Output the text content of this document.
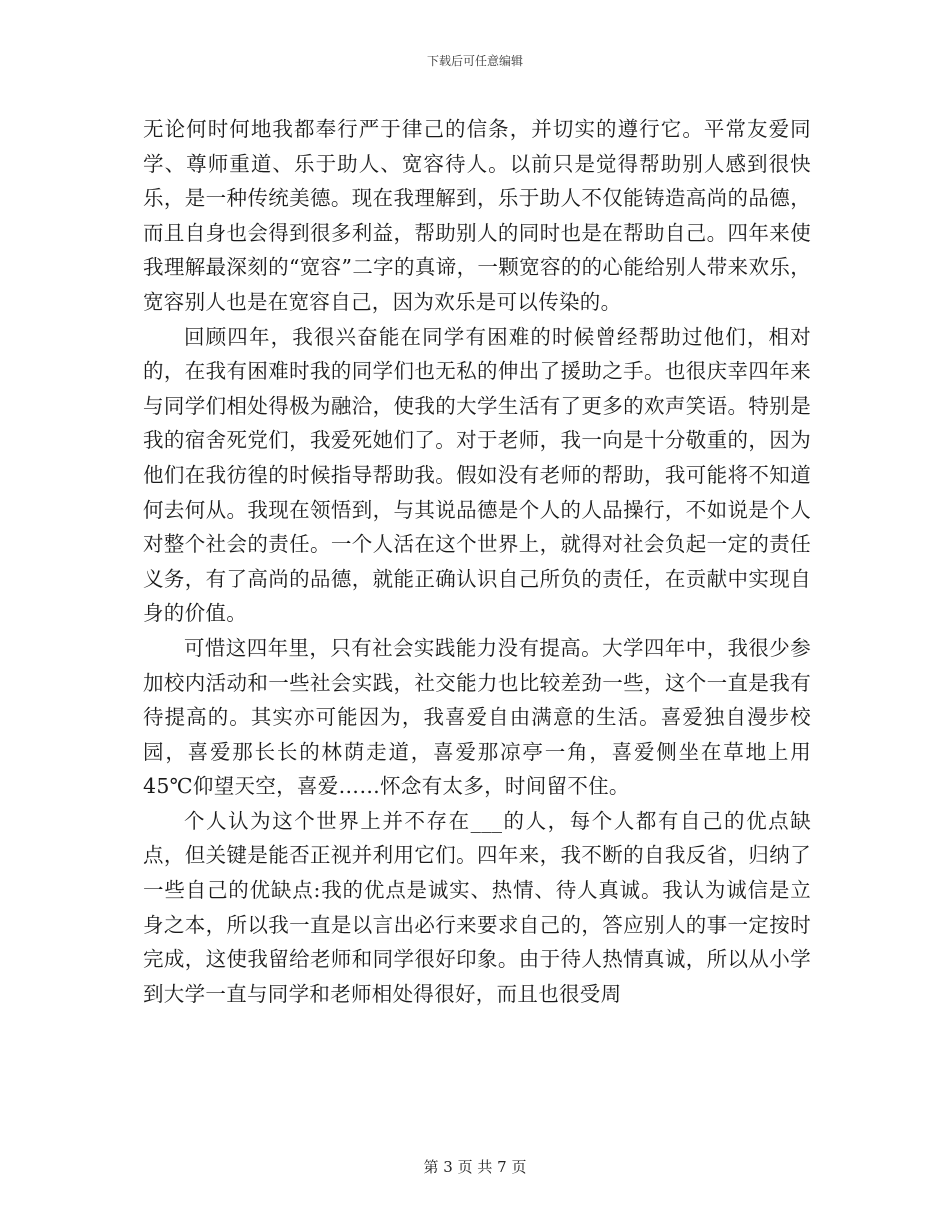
下载后可任意编辑

无论何时何地我都奉行严于律己的信条，并切实的遵行它。平常友爱同学、尊师重道、乐于助人、宽容待人。以前只是觉得帮助别人感到很快乐，是一种传统美德。现在我理解到，乐于助人不仅能铸造高尚的品德，而且自身也会得到很多利益，帮助别人的同时也是在帮助自己。四年来使我理解最深刻的“宽容”二字的真谛，一颗宽容的的心能给别人带来欢乐，宽容别人也是在宽容自己，因为欢乐是可以传染的。

回顾四年，我很兴奋能在同学有困难的时候曾经帮助过他们，相对的，在我有困难时我的同学们也无私的伸出了援助之手。也很庆幸四年来与同学们相处得极为融洽，使我的大学生活有了更多的欢声笑语。特别是我的宿舍死党们，我爱死她们了。对于老师，我一向是十分敬重的，因为他们在我彷徨的时候指导帮助我。假如没有老师的帮助，我可能将不知道何去何从。我现在领悟到，与其说品德是个人的人品操行，不如说是个人对整个社会的责任。一个人活在这个世界上，就得对社会负起一定的责任义务，有了高尚的品德，就能正确认识自己所负的责任，在贡献中实现自身的价值。

可惜这四年里，只有社会实践能力没有提高。大学四年中，我很少参加校内活动和一些社会实践，社交能力也比较差劲一些，这个一直是我有待提高的。其实亦可能因为，我喜爱自由满意的生活。喜爱独自漫步校园，喜爱那长长的林荫走道，喜爱那凉亭一角，喜爱侧坐在草地上用45℃仰望天空，喜爱……怀念有太多，时间留不住。

个人认为这个世界上并不存在___的人，每个人都有自己的优点缺点，但关键是能否正视并利用它们。四年来，我不断的自我反省，归纳了一些自己的优缺点:我的优点是诚实、热情、待人真诚。我认为诚信是立身之本，所以我一直是以言出必行来要求自己的，答应别人的事一定按时完成，这使我留给老师和同学很好印象。由于待人热情真诚，所以从小学到大学一直与同学和老师相处得很好，而且也很受周

第 3 页 共 7 页
